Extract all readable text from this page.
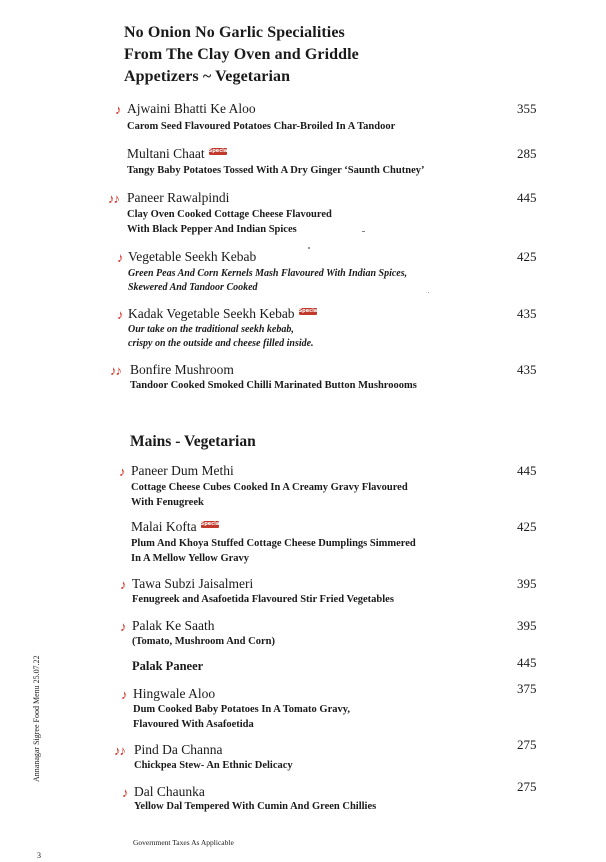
No Onion No Garlic Specialities
From The Clay Oven and Griddle
Appetizers ~ Vegetarian
♪ Ajwaini Bhatti Ke Aloo	355
Carom Seed Flavoured Potatoes Char-Broiled In A Tandoor
Multani Chaat Special	285
Tangy Baby Potatoes Tossed With A Dry Ginger ‘Saunth Chutney’
♪♪ Paneer Rawalpindi	445
Clay Oven Cooked Cottage Cheese Flavoured
With Black Pepper And Indian Spices
♪ Vegetable Seekh Kebab	425
Green Peas And Corn Kernels Mash Flavoured With Indian Spices,
Skewered And Tandoor Cooked
♪ Kadak Vegetable Seekh Kebab Special	435
Our take on the traditional seekh kebab,
crispy on the outside and cheese filled inside.
♪♪ Bonfire Mushroom	435
Tandoor Cooked Smoked Chilli Marinated Button Mushroooms
Mains - Vegetarian
♪ Paneer Dum Methi	445
Cottage Cheese Cubes Cooked In A Creamy Gravy Flavoured
With Fenugreek
Malai Kofta Special	425
Plum And Khoya Stuffed Cottage Cheese Dumplings Simmered
In A Mellow Yellow Gravy
♪ Tawa Subzi Jaisalmeri	395
Fenugreek and Asafoetida Flavoured Stir Fried Vegetables
♪ Palak Ke Saath	395
(Tomato, Mushroom And Corn)
Palak Paneer	445
♪ Hingwale Aloo	375
Dum Cooked Baby Potatoes In A Tomato Gravy,
Flavoured With Asafoetida
♪♪ Pind Da Channa	275
Chickpea Stew- An Ethnic Delicacy
♪ Dal Chaunka	275
Yellow Dal Tempered With Cumin And Green Chillies
Government Taxes As Applicable
Annanagar Sigree Food Menu 25.07.22
3
